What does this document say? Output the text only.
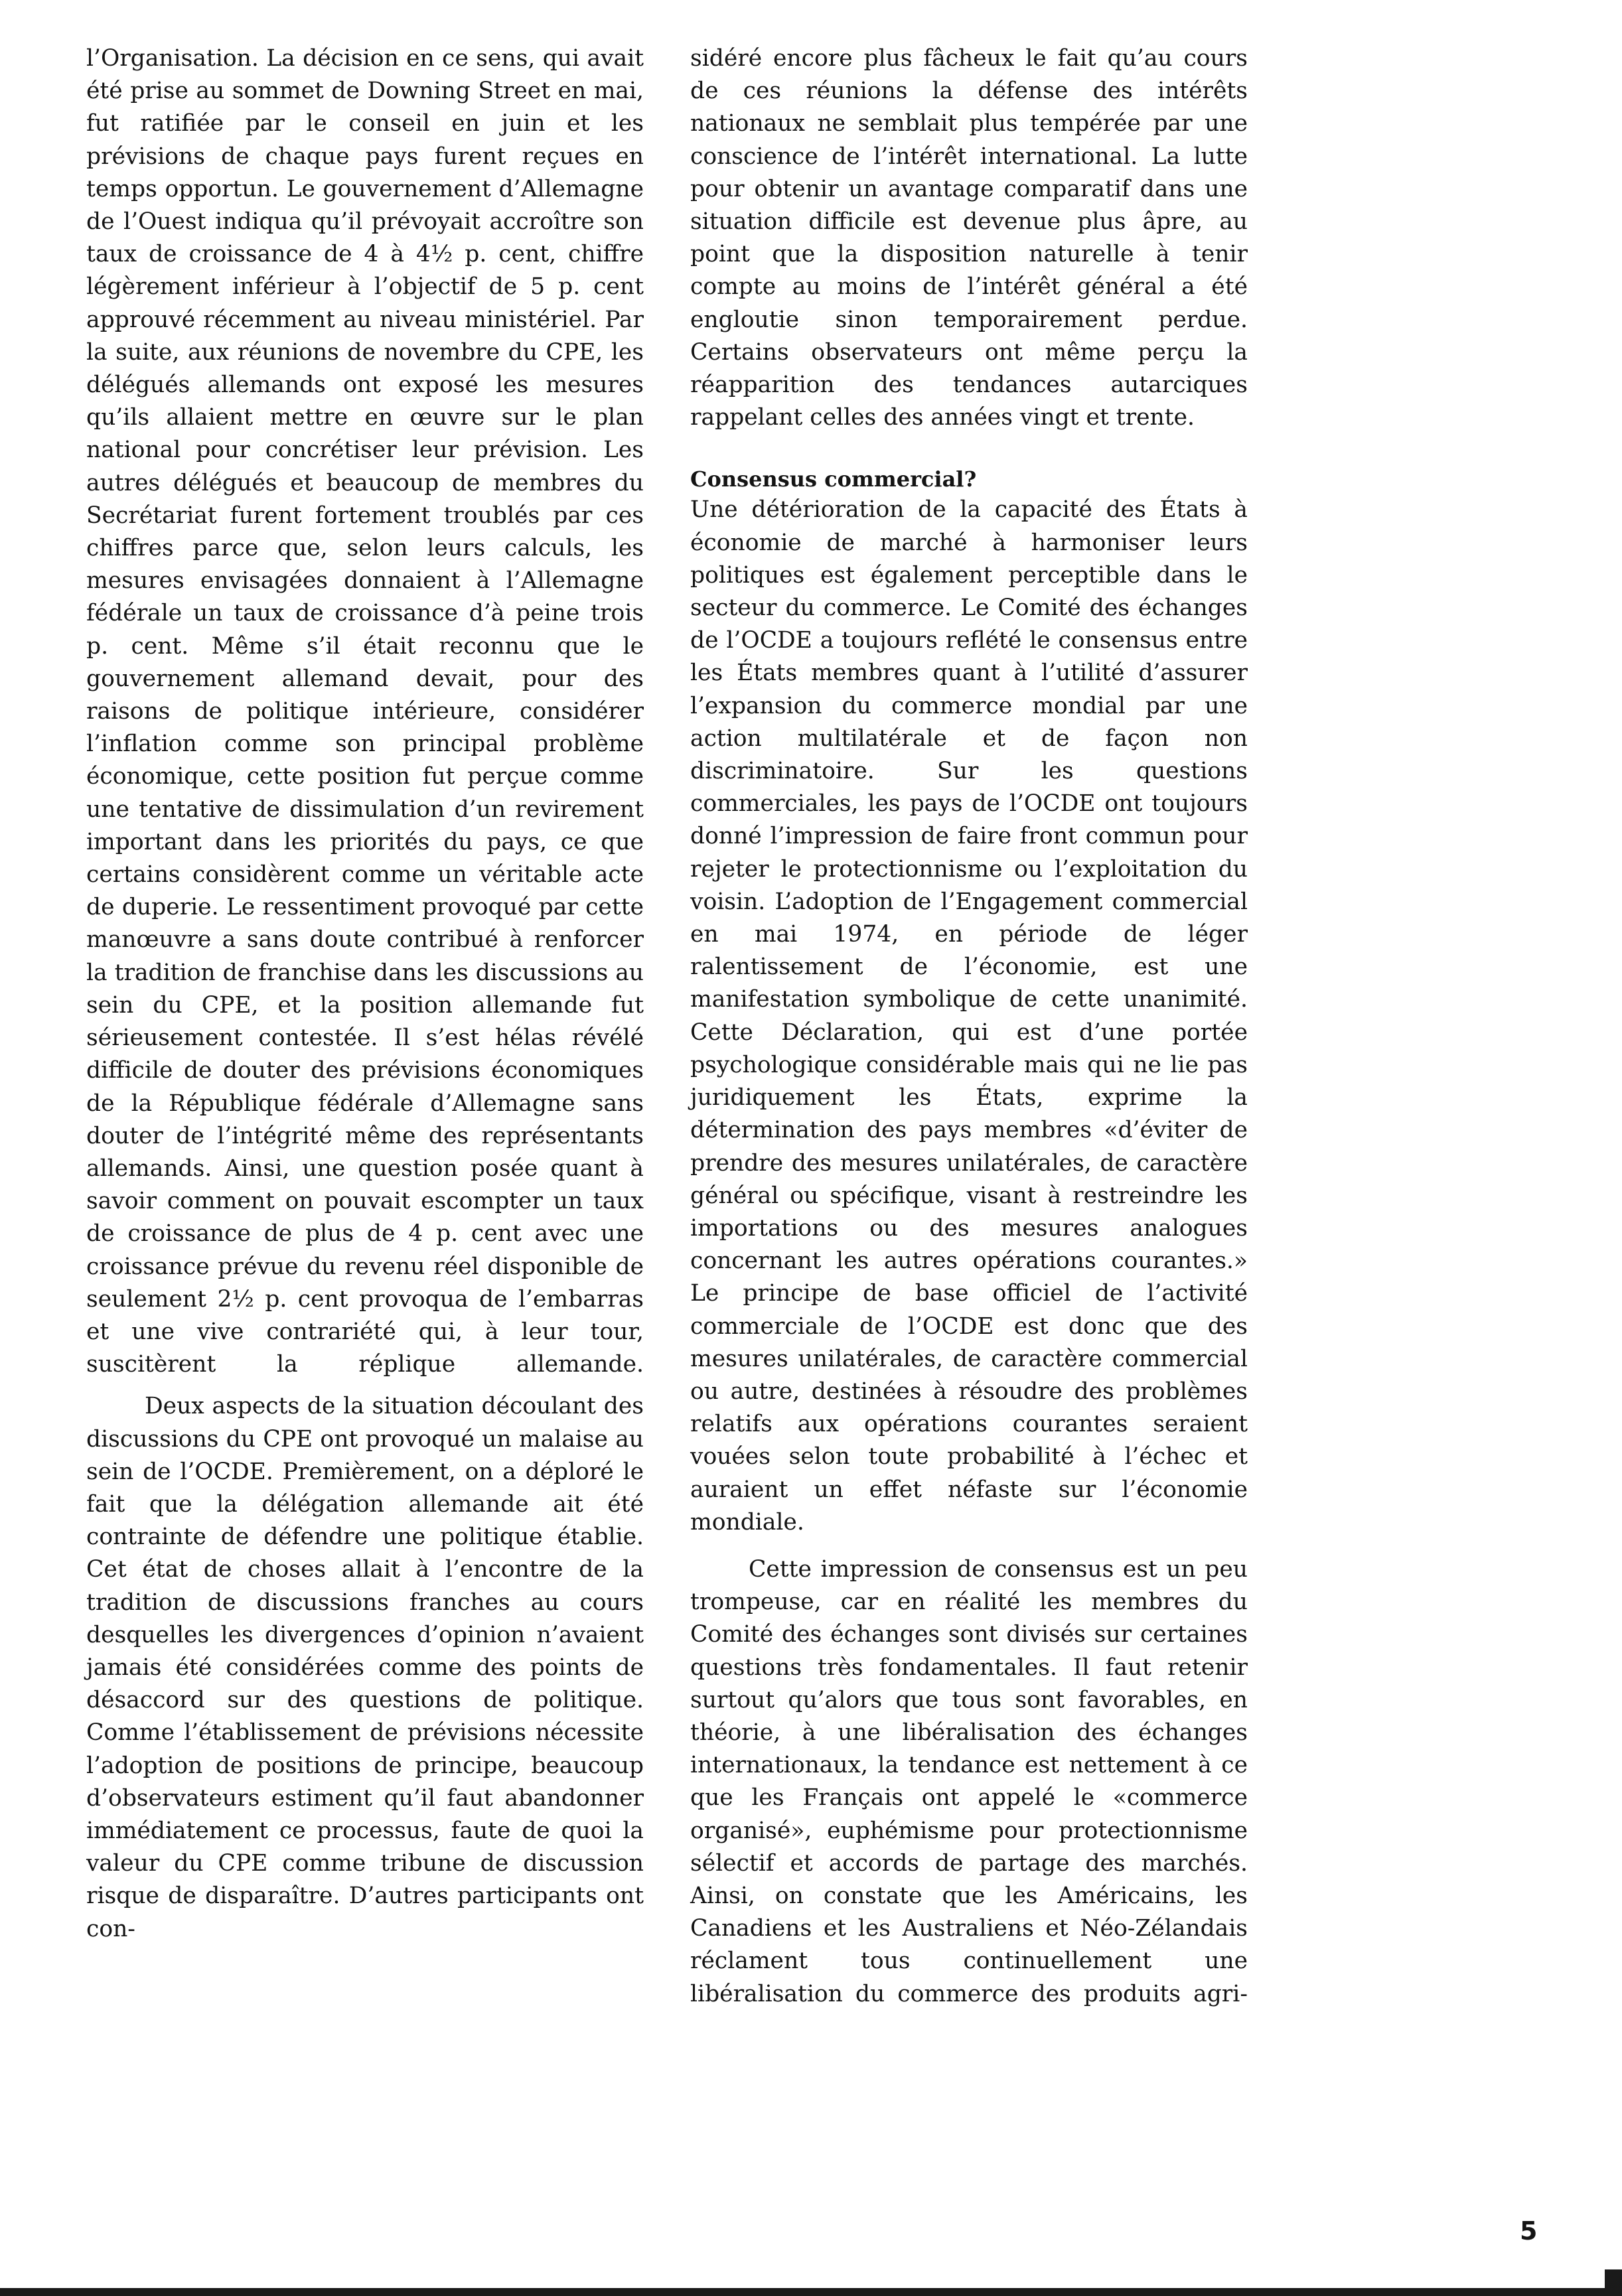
l’Organisation. La décision en ce sens, qui avait été prise au sommet de Downing Street en mai, fut ratifiée par le conseil en juin et les prévisions de chaque pays furent reçues en temps opportun. Le gouvernement d’Allemagne de l’Ouest indiqua qu’il prévoyait accroître son taux de croissance de 4 à 4½ p. cent, chiffre légèrement inférieur à l’objectif de 5 p. cent approuvé récemment au niveau ministériel. Par la suite, aux réunions de novembre du CPE, les délégués allemands ont exposé les mesures qu’ils allaient mettre en œuvre sur le plan national pour concrétiser leur prévision. Les autres délégués et beaucoup de membres du Secrétariat furent fortement troublés par ces chiffres parce que, selon leurs calculs, les mesures envisagées donnaient à l’Allemagne fédérale un taux de croissance d’à peine trois p. cent. Même s’il était reconnu que le gouvernement allemand devait, pour des raisons de politique intérieure, considérer l’inflation comme son principal problème économique, cette position fut perçue comme une tentative de dissimulation d’un revirement important dans les priorités du pays, ce que certains considèrent comme un véritable acte de duperie. Le ressentiment provoqué par cette manœuvre a sans doute contribué à renforcer la tradition de franchise dans les discussions au sein du CPE, et la position allemande fut sérieusement contestée. Il s’est hélas révélé difficile de douter des prévisions économiques de la République fédérale d’Allemagne sans douter de l’intégrité même des représentants allemands. Ainsi, une question posée quant à savoir comment on pouvait escompter un taux de croissance de plus de 4 p. cent avec une croissance prévue du revenu réel disponible de seulement 2½ p. cent provoqua de l’embarras et une vive contrariété qui, à leur tour, suscitèrent la réplique allemande.

Deux aspects de la situation découlant des discussions du CPE ont provoqué un malaise au sein de l’OCDE. Premièrement, on a déploré le fait que la délégation allemande ait été contrainte de défendre une politique établie. Cet état de choses allait à l’encontre de la tradition de discussions franches au cours desquelles les divergences d’opinion n’avaient jamais été considérées comme des points de désaccord sur des questions de politique. Comme l’établissement de prévisions nécessite l’adoption de positions de principe, beaucoup d’observateurs estiment qu’il faut abandonner immédiatement ce processus, faute de quoi la valeur du CPE comme tribune de discussion risque de disparaître. D’autres participants ont con-

sidéré encore plus fâcheux le fait qu’au cours de ces réunions la défense des intérêts nationaux ne semblait plus tempérée par une conscience de l’intérêt international. La lutte pour obtenir un avantage comparatif dans une situation difficile est devenue plus âpre, au point que la disposition naturelle à tenir compte au moins de l’intérêt général a été engloutie sinon temporairement perdue. Certains observateurs ont même perçu la réapparition des tendances autarciques rappelant celles des années vingt et trente.

Consensus commercial?

Une détérioration de la capacité des États à économie de marché à harmoniser leurs politiques est également perceptible dans le secteur du commerce. Le Comité des échanges de l’OCDE a toujours reflété le consensus entre les États membres quant à l’utilité d’assurer l’expansion du commerce mondial par une action multilatérale et de façon non discriminatoire. Sur les questions commerciales, les pays de l’OCDE ont toujours donné l’impression de faire front commun pour rejeter le protectionnisme ou l’exploitation du voisin. L’adoption de l’Engagement commercial en mai 1974, en période de léger ralentissement de l’économie, est une manifestation symbolique de cette unanimité. Cette Déclaration, qui est d’une portée psychologique considérable mais qui ne lie pas juridiquement les États, exprime la détermination des pays membres «d’éviter de prendre des mesures unilatérales, de caractère général ou spécifique, visant à restreindre les importations ou des mesures analogues concernant les autres opérations courantes.» Le principe de base officiel de l’activité commerciale de l’OCDE est donc que des mesures unilatérales, de caractère commercial ou autre, destinées à résoudre des problèmes relatifs aux opérations courantes seraient vouées selon toute probabilité à l’échec et auraient un effet néfaste sur l’économie mondiale.

Cette impression de consensus est un peu trompeuse, car en réalité les membres du Comité des échanges sont divisés sur certaines questions très fondamentales. Il faut retenir surtout qu’alors que tous sont favorables, en théorie, à une libéralisation des échanges internationaux, la tendance est nettement à ce que les Français ont appelé le «commerce organisé», euphémisme pour protectionnisme sélectif et accords de partage des marchés. Ainsi, on constate que les Américains, les Canadiens et les Australiens et Néo-Zélandais réclament tous continuellement une libéralisation du commerce des produits agri-

5
